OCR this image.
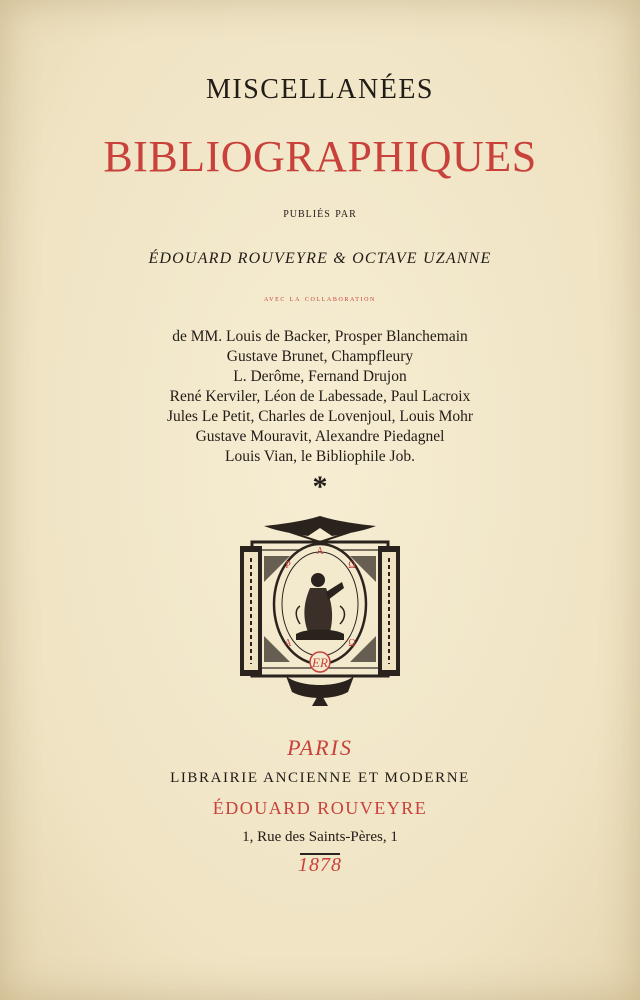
MISCELLANÉES
BIBLIOGRAPHIQUES
publiés par
ÉDOUARD ROUVEYRE & OCTAVE UZANNE
avec la collaboration
de MM. Louis de Backer, Prosper Blanchemain
Gustave Brunet, Champfleury
L. Derôme, Fernand Drujon
René Kerviler, Léon de Labessade, Paul Lacroix
Jules Le Petit, Charles de Lovenjoul, Louis Mohr
Gustave Mouravit, Alexandre Piedagnel
Louis Vian, le Bibliophile Job.
*
A
Ω
P
A	Ω
ER
PARIS
LIBRAIRIE ANCIENNE ET MODERNE
ÉDOUARD ROUVEYRE
1, Rue des Saints-Pères, 1
1878
